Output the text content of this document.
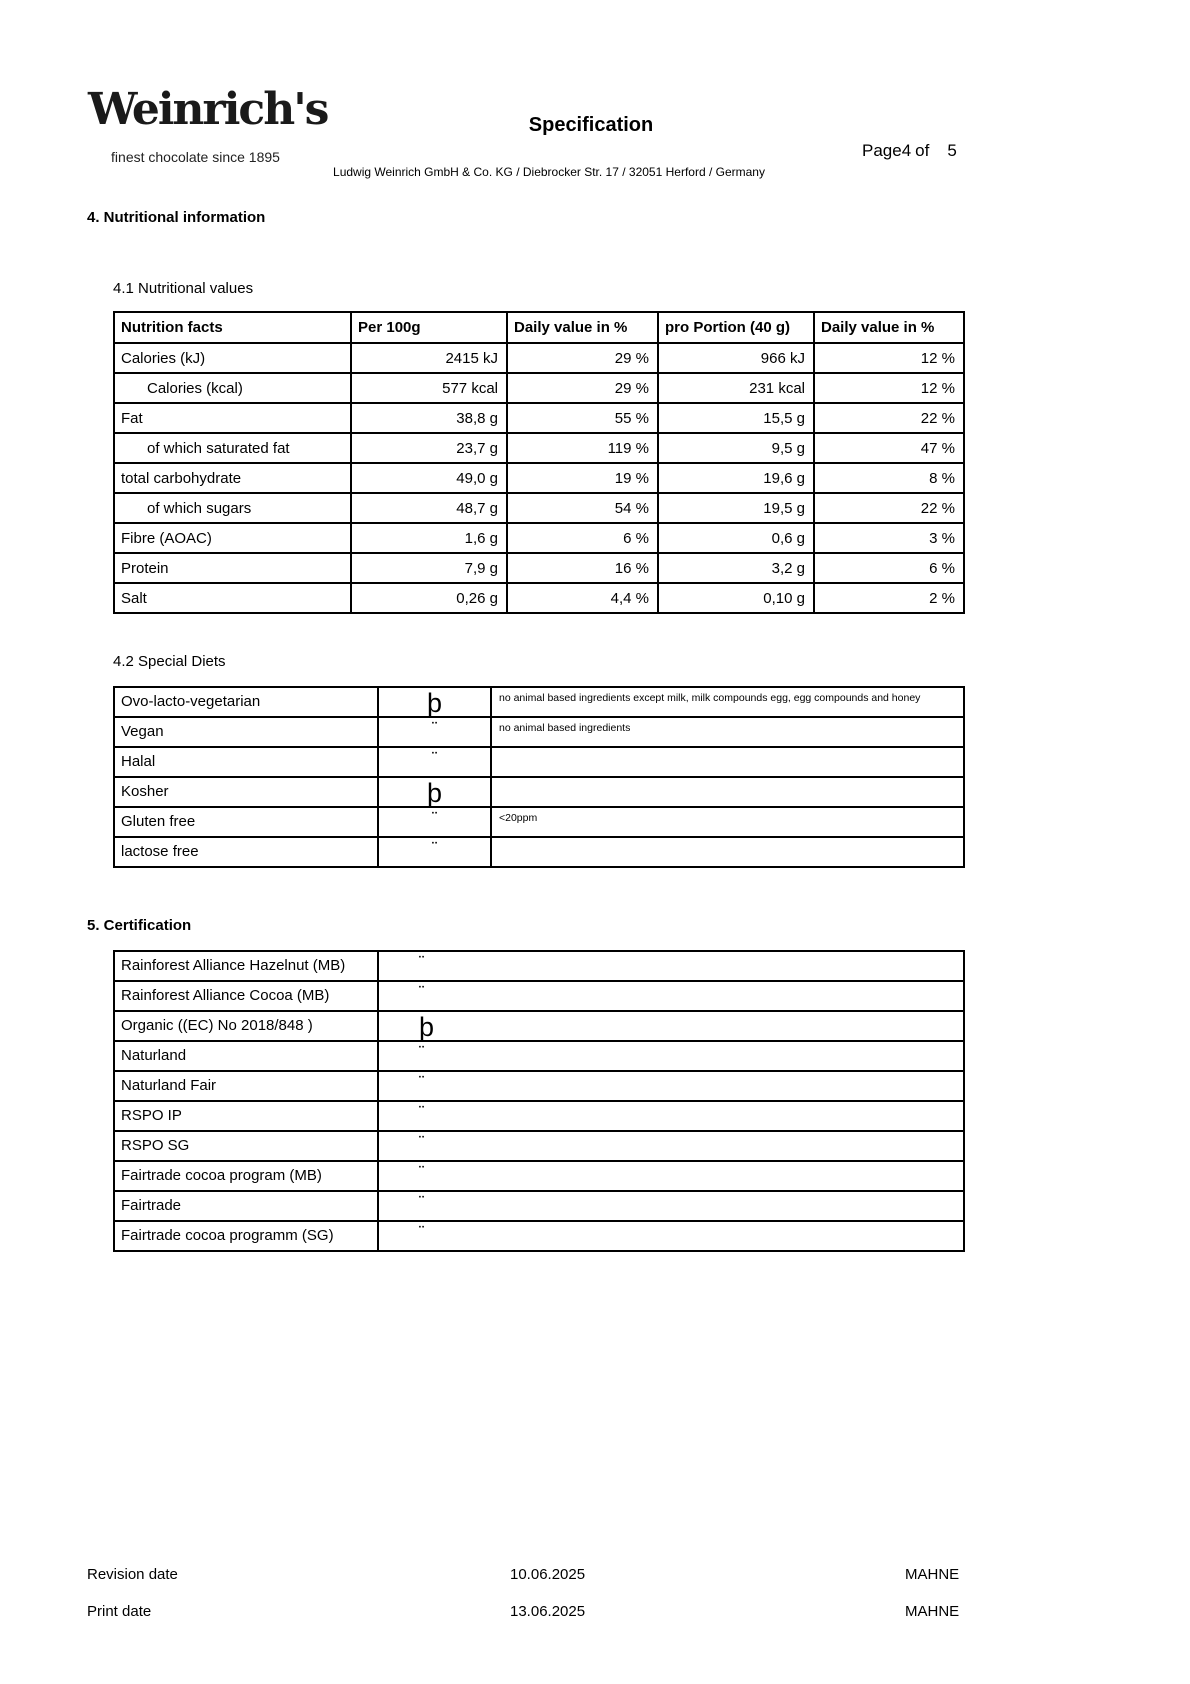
Weinrich's
finest chocolate since 1895
Specification
Ludwig Weinrich GmbH & Co. KG / Diebrocker Str. 17 / 32051 Herford / Germany
Page4 of 5
4. Nutritional information
4.1 Nutritional values
Nutrition facts	Per 100g	Daily value in %	pro Portion (40 g)	Daily value in %
Calories (kJ)	2415 kJ	29 %	966 kJ	12 %
Calories (kcal)	577 kcal	29 %	231 kcal	12 %
Fat	38,8 g	55 %	15,5 g	22 %
of which saturated fat	23,7 g	119 %	9,5 g	47 %
total carbohydrate	49,0 g	19 %	19,6 g	8 %
of which sugars	48,7 g	54 %	19,5 g	22 %
Fibre (AOAC)	1,6 g	6 %	0,6 g	3 %
Protein	7,9 g	16 %	3,2 g	6 %
Salt	0,26 g	4,4 %	0,10 g	2 %
4.2 Special Diets
Ovo-lacto-vegetarian	þ	no animal based ingredients except milk, milk compounds egg, egg compounds and honey
Vegan	¨	no animal based ingredients
Halal	¨	
Kosher	þ	
Gluten free	¨	<20ppm
lactose free	¨	
5. Certification
Rainforest Alliance Hazelnut (MB)	¨
Rainforest Alliance Cocoa (MB)	¨
Organic ((EC) No 2018/848 )	þ
Naturland	¨
Naturland Fair	¨
RSPO IP	¨
RSPO SG	¨
Fairtrade cocoa program (MB)	¨
Fairtrade	¨
Fairtrade cocoa programm (SG)	¨
Revision date	10.06.2025	MAHNE
Print date	13.06.2025	MAHNE
